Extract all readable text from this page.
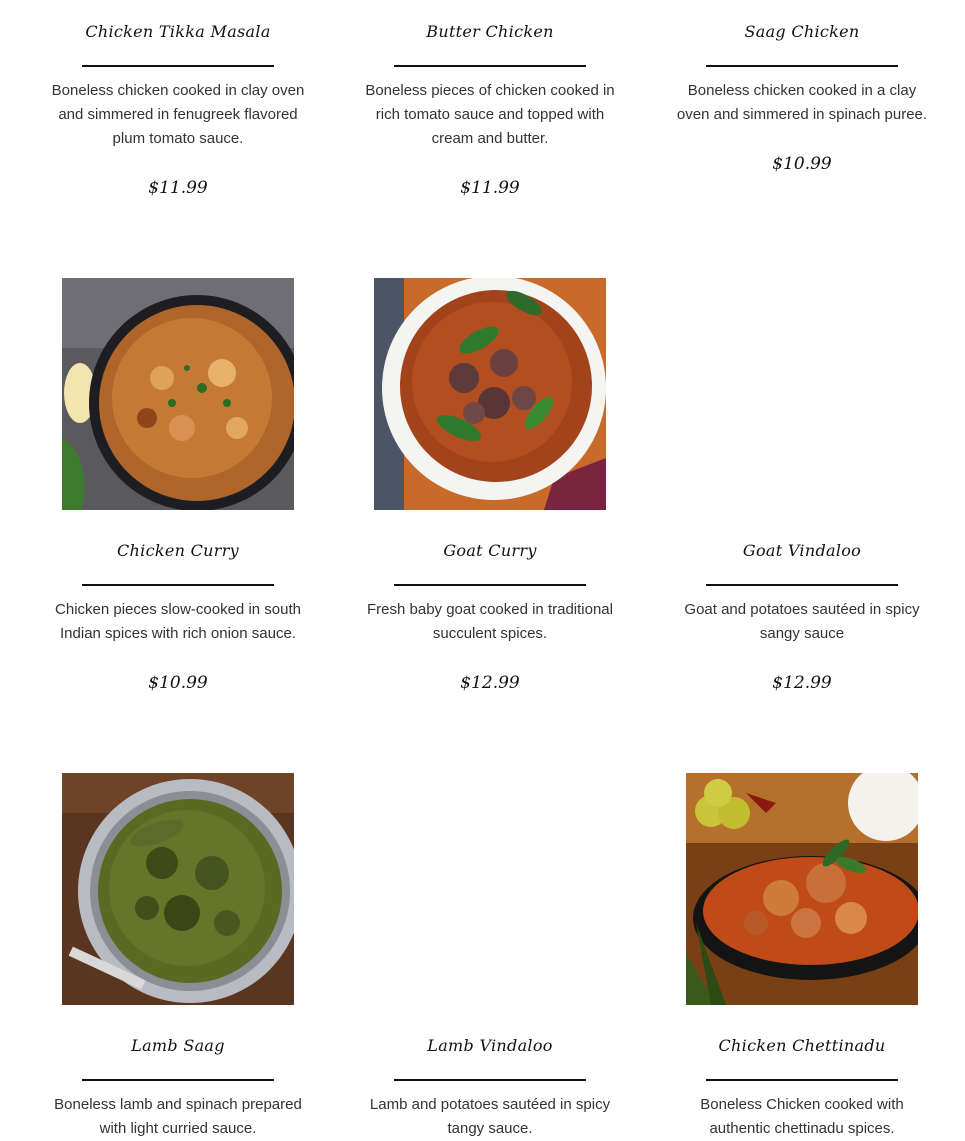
Chicken Tikka Masala
Boneless chicken cooked in clay oven and simmered in fenugreek flavored plum tomato sauce.
$11.99
Butter Chicken
Boneless pieces of chicken cooked in rich tomato sauce and topped with cream and butter.
$11.99
Saag Chicken
Boneless chicken cooked in a clay oven and simmered in spinach puree.
$10.99
Chicken Curry
Chicken pieces slow-cooked in south Indian spices with rich onion sauce.
$10.99
Goat Curry
Fresh baby goat cooked in traditional succulent spices.
$12.99
Goat Vindaloo
Goat and potatoes sautéed in spicy sangy sauce
$12.99
Lamb Saag
Boneless lamb and spinach prepared with light curried sauce.
Lamb Vindaloo
Lamb and potatoes sautéed in spicy tangy sauce.
Chicken Chettinadu
Boneless Chicken cooked with authentic chettinadu spices.
